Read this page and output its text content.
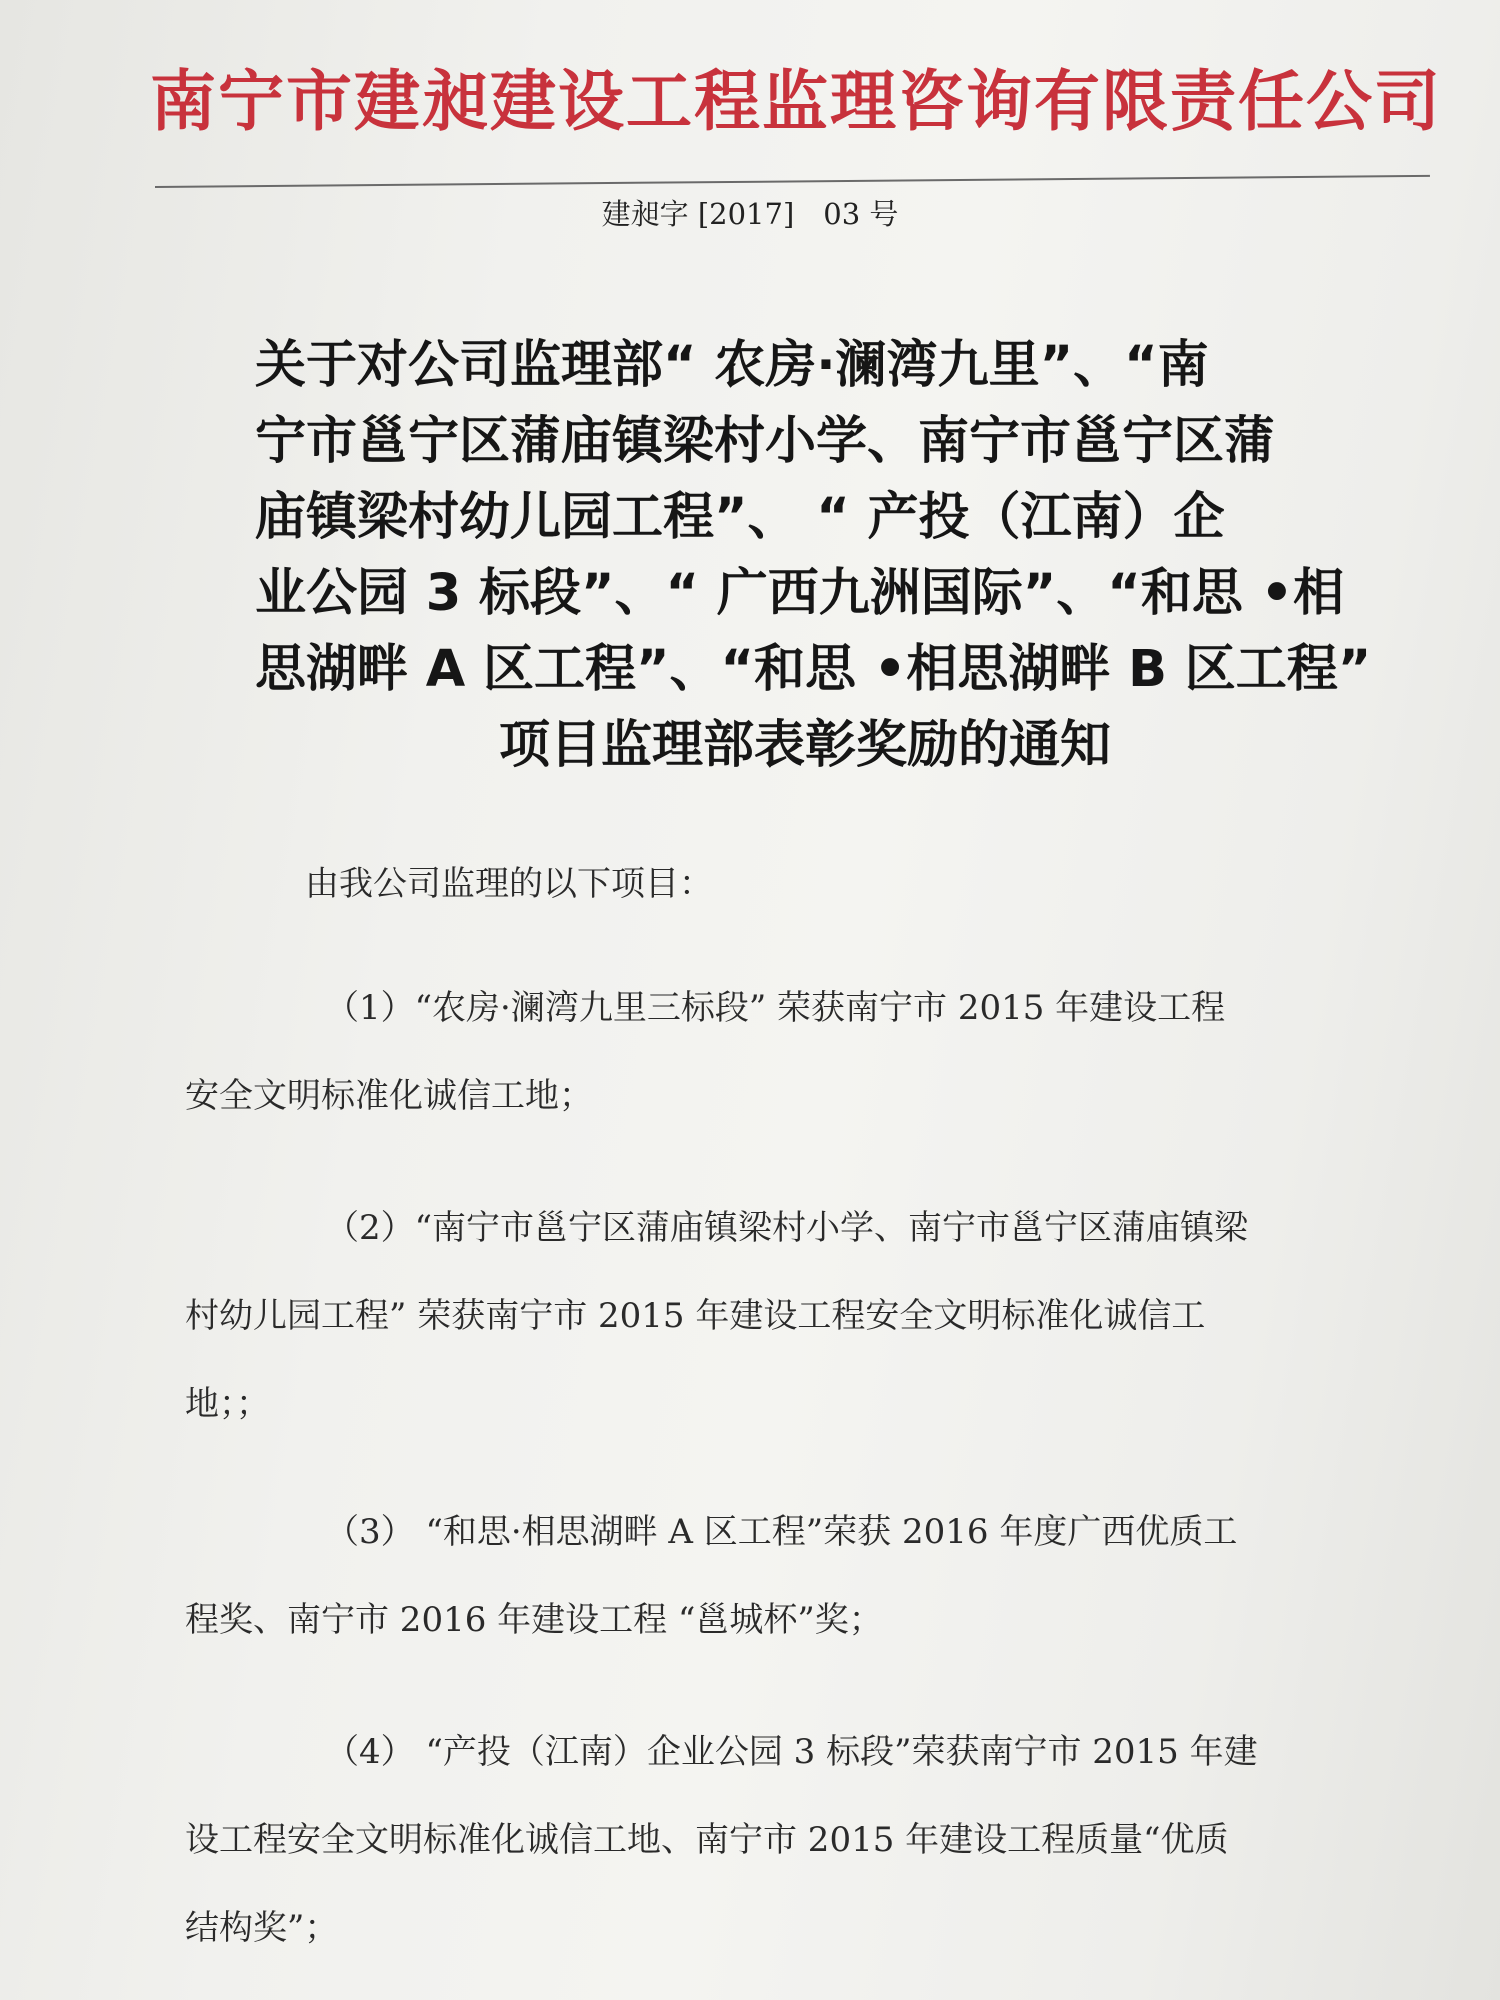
南宁市建昶建设工程监理咨询有限责任公司
建昶字 [2017]　03 号
关于对公司监理部“ 农房·澜湾九里”、“南
宁市邕宁区蒲庙镇梁村小学、南宁市邕宁区蒲
庙镇梁村幼儿园工程”、 “ 产投（江南）企
业公园 3 标段”、“ 广西九洲国际”、“和思 •相
思湖畔 A 区工程”、“和思 •相思湖畔 B 区工程”
项目监理部表彰奖励的通知
由我公司监理的以下项目：
（1）“农房·澜湾九里三标段” 荣获南宁市 2015 年建设工程
安全文明标准化诚信工地；
（2）“南宁市邕宁区蒲庙镇梁村小学、南宁市邕宁区蒲庙镇梁
村幼儿园工程” 荣获南宁市 2015 年建设工程安全文明标准化诚信工
地；；
（3） “和思·相思湖畔 A 区工程”荣获 2016 年度广西优质工
程奖、南宁市 2016 年建设工程 “邕城杯”奖；
（4） “产投（江南）企业公园 3 标段”荣获南宁市 2015 年建
设工程安全文明标准化诚信工地、南宁市 2015 年建设工程质量“优质
结构奖”；
